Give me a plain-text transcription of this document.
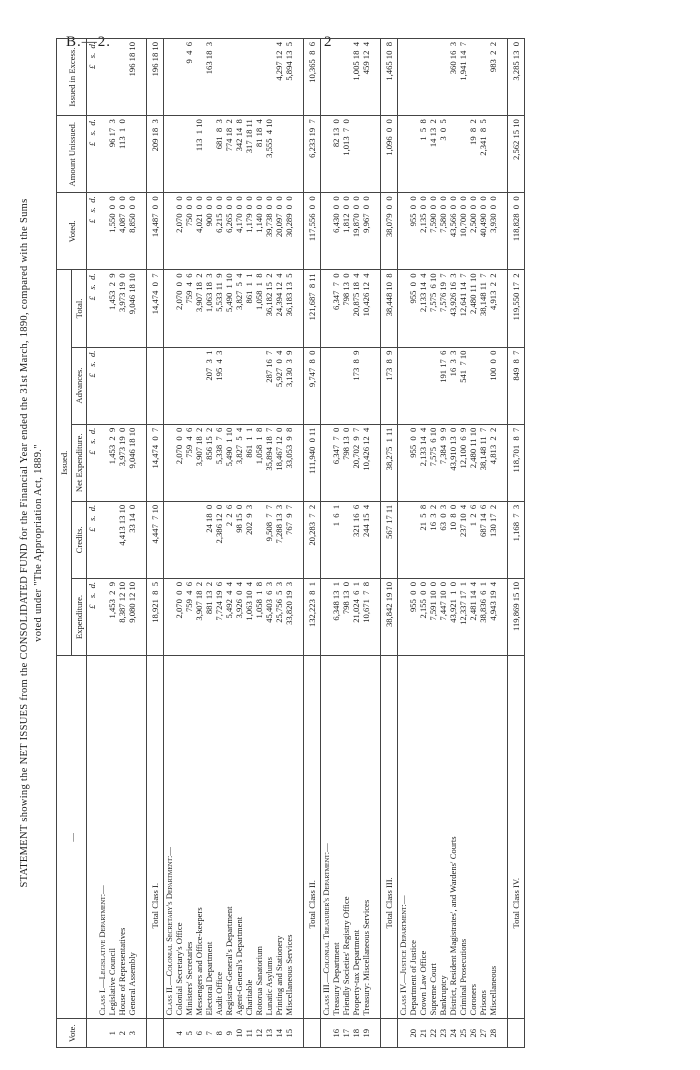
B.—2.	2
STATEMENT showing the NET ISSUES from the CONSOLIDATED FUND for the Financial Year ended the 31st March, 1890, compared with the Sums voted under "The Appropriation Act, 1889."
Vote.	—	Issued.					Voted.	Amount Unissued.	Issued in Excess.
		Expenditure.	Credits.	Net Expenditure.	Advances.	Total.			
		£   s.  d.	£   s.  d.	£   s.  d.	£   s.  d.	£   s.  d.	£   s.  d.	£   s.  d.	£   s.  d.
	Class I.—Legislative Department:—								
1	Legislative Council	1,453  2  9		1,453  2  9		1,453  2  9	1,550  0  0	96 17  3	
2	House of Representatives	8,387 12 10	4,413 13 10	3,973 19  0		3,973 19  0	4,087  0  0	113  1  0	
3	General Assembly	9,080 12 10	33 14  0	9,046 18 10		9,046 18 10	8,850  0  0		196 18 10

	Total Class I.	18,921  8  5	4,447  7 10	14,474  0  7		14,474  0  7	14,487  0  0	209 18  3	196 18 10
	Class II.—Colonial Secretary's Department:—								
4	Colonial Secretary's Office	2,070  0  0		2,070  0  0		2,070  0  0	2,070  0  0		
5	Ministers' Secretaries	759  4  6		759  4  6		759  4  6	750  0  0		9  4  6
6	Messengers and Office-keepers	3,907 18  2		3,907 18  2		3,907 18  2	4,021  0  0	113  1 10	
7	Electoral Department	881 13  2	24 18  0	856 15  2	207  3  1	1,063 18  3	900  0  0		163 18  3
8	Audit Office	7,724 19  6	2,386 12  0	5,338  7  6	195  4  3	5,533 11  9	6,215  0  0	681  8  3	
9	Registrar-General's Department	5,492  4  4	2  2  6	5,490  1 10		5,490  1 10	6,265  0  0	774 18  2	
10	Agent-General's Department	3,926  0  4	98 15  0	3,827  5  4		3,827  5  4	4,170  0  0	342 14  8	
11	Charitable	1,063 10  4	202  9  3	861  1  1		861  1  1	1,179  0  0	317 18 11	
12	Rotorua Sanatorium	1,058  1  8		1,058  1  8		1,058  1  8	1,140  0  0	81 18  4	
13	Lunatic Asylums	45,403  6  3	9,508  7  7	35,894 18  7	287 16  7	36,182 15  2	39,738  0  0	3,555  4 10	
14	Printing and Stationery	25,756  5  3	7,288 13  3	18,467 12  0	5,927  0  4	24,394 12  4	20,097  0  0		4,297 12  4
15	Miscellaneous Services	33,820 19  3	767  9  7	33,053  9  8	3,130  3  9	36,183 13  5	30,289  0  0		5,894 13  5

	Total Class II.	132,223  8  1	20,283  7  2	111,940  0 11	9,747  8  0	121,687  8 11	117,556  0  0	6,233 19  7	10,365  8  6
	Class III.—Colonial Treasurer's Department:—								
16	Treasury Department	6,348 13  1	1  6  1	6,347  7  0		6,347  7  0	6,430  0  0	82 13  0	
17	Friendly Societies' Registry Office	798 13  0		798 13  0		798 13  0	1,812  0  0	1,013  7  0	
18	Property-tax Department	21,024  6  1	321 16  6	20,702  9  7	173  8  9	20,875 18  4	19,870  0  0		1,005 18  4
19	Treasury: Miscellaneous Services	10,671  7  8	244 15  4	10,426 12  4		10,426 12  4	9,967  0  0		459 12  4

	Total Class III.	38,842 19 10	567 17 11	38,275  1 11	173  8  9	38,448 10  8	38,079  0  0	1,096  0  0	1,465 10  8
	Class IV.—Justice Department:—								
20	Department of Justice	955  0  0		955  0  0		955  0  0	955  0  0		
21	Crown Law Office	2,155  0  0	21  5  8	2,133 14  4		2,133 14  4	2,135  0  0	1  5  8	
22	Supreme Court	7,591 10  0	16  3  2	7,575  6 10		7,575  6 10	7,590  0  0	14 13  2	
23	Bankruptcy	7,447 10  0	63  0  3	7,384  9  9	191 17  6	7,576 19  7	7,580  0  0	3  0  5	
24	District, Resident Magistrates', and Wardens' Courts	43,921  1  0	10  8  0	43,910 13  0	16  3  3	43,926 16  3	43,566  0  0		360 16  3
25	Criminal Prosecutions	12,337 17  1	237 10  4	12,100  6  9	541  7 10	12,641 14  7	10,700  0  0		1,941 14  7
26	Coroners	2,481 14  4	1  2  6	2,480 11 10		2,480 11 10	2,500  0  0	19  8  2	
27	Prisons	38,836  6  1	687 14  6	38,148 11  7		38,148 11  7	40,490  0  0	2,341  8  5	
28	Miscellaneous	4,943 19  4	130 17  2	4,813  2  2	100  0  0	4,913  2  2	3,930  0  0		983  2  2

	Total Class IV.	119,869 15 10	1,168  7  3	118,701  8  7	849  8  7	119,550 17  2	118,828  0  0	2,562 15 10	3,285 13  0
